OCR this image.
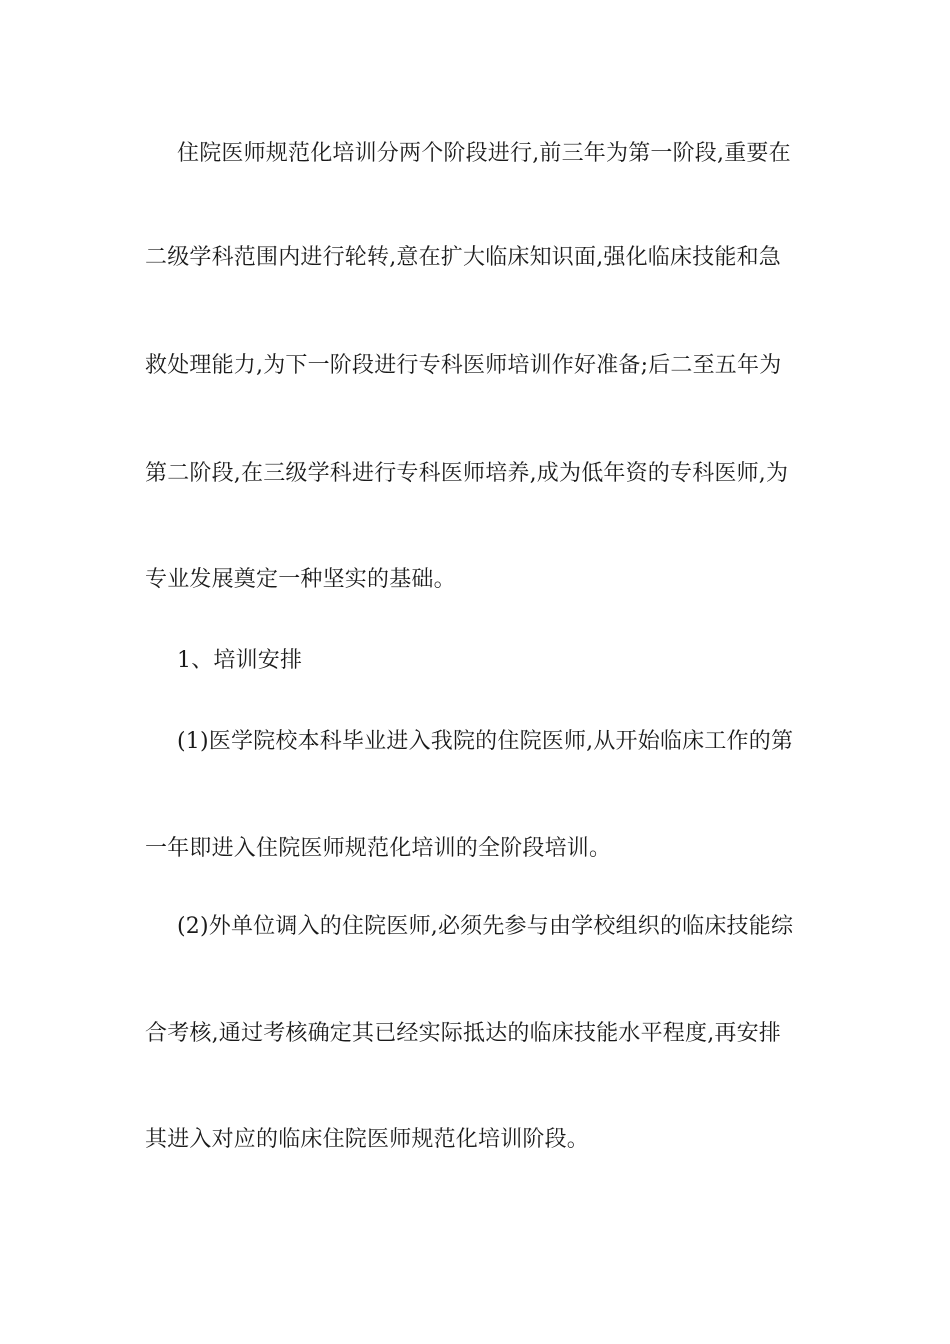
住院医师规范化培训分两个阶段进行,前三年为第一阶段,重要在
二级学科范围内进行轮转,意在扩大临床知识面,强化临床技能和急
救处理能力,为下一阶段进行专科医师培训作好准备;后二至五年为
第二阶段,在三级学科进行专科医师培养,成为低年资的专科医师,为
专业发展奠定一种坚实的基础。
1、培训安排
(1)医学院校本科毕业进入我院的住院医师,从开始临床工作的第
一年即进入住院医师规范化培训的全阶段培训。
(2)外单位调入的住院医师,必须先参与由学校组织的临床技能综
合考核,通过考核确定其已经实际抵达的临床技能水平程度,再安排
其进入对应的临床住院医师规范化培训阶段。
